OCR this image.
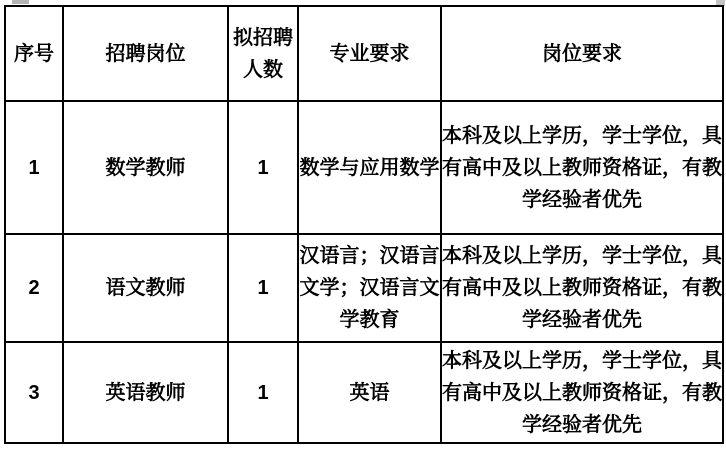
序号	招聘岗位	拟招聘人数	专业要求	岗位要求
1	数学教师	1	数学与应用数学	本科及以上学历，学士学位，具有高中及以上教师资格证，有教学经验者优先
2	语文教师	1	汉语言；汉语言文学；汉语言文学教育	本科及以上学历，学士学位，具有高中及以上教师资格证，有教学经验者优先
3	英语教师	1	英语	本科及以上学历，学士学位，具有高中及以上教师资格证，有教学经验者优先
